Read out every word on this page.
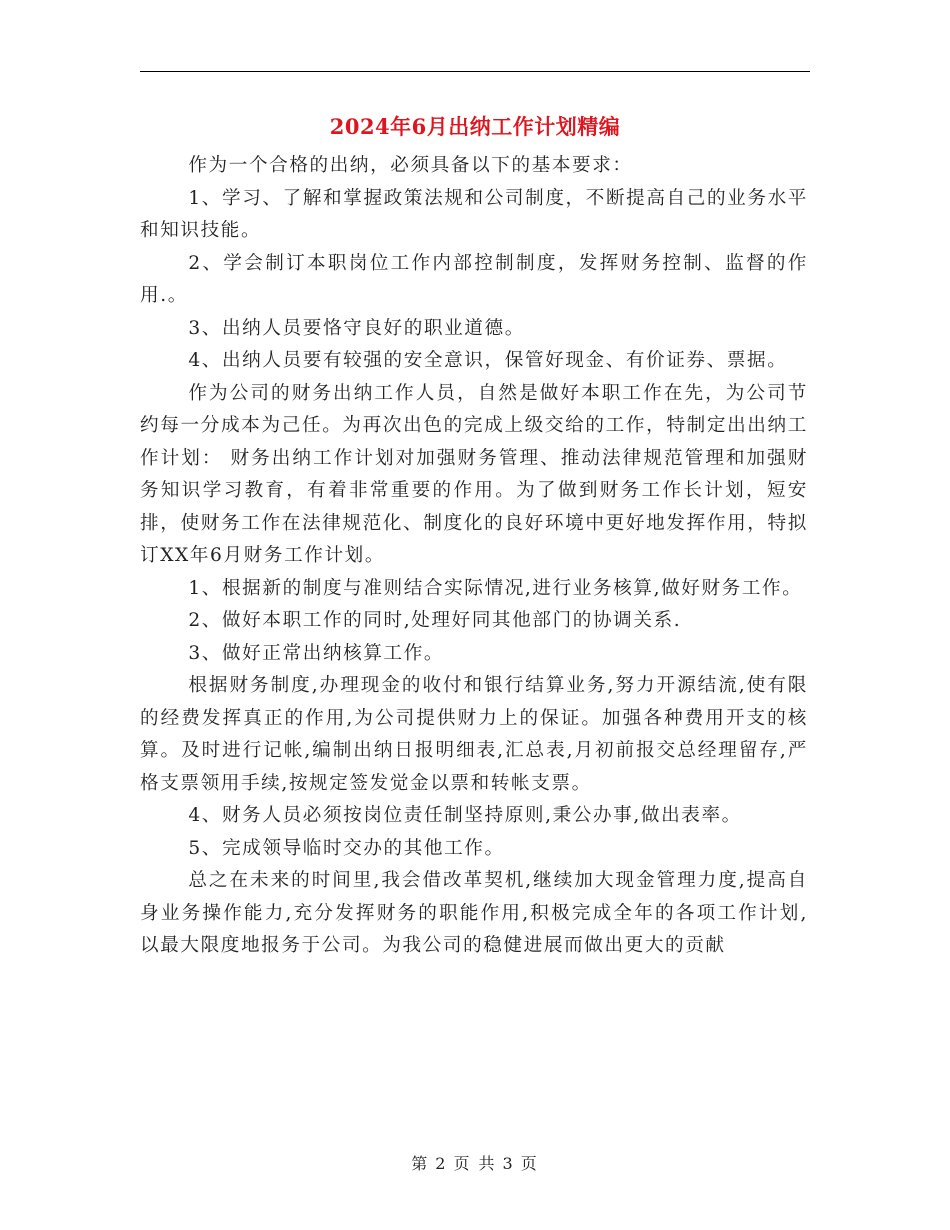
2024年6月出纳工作计划精编

作为一个合格的出纳，必须具备以下的基本要求：

1、学习、了解和掌握政策法规和公司制度，不断提高自己的业务水平和知识技能。

2、学会制订本职岗位工作内部控制制度，发挥财务控制、监督的作用.。

3、出纳人员要恪守良好的职业道德。

4、出纳人员要有较强的安全意识，保管好现金、有价证券、票据。

作为公司的财务出纳工作人员，自然是做好本职工作在先，为公司节约每一分成本为己任。为再次出色的完成上级交给的工作，特制定出出纳工作计划： 财务出纳工作计划对加强财务管理、推动法律规范管理和加强财务知识学习教育，有着非常重要的作用。为了做到财务工作长计划，短安排，使财务工作在法律规范化、制度化的良好环境中更好地发挥作用，特拟订XX年6月财务工作计划。

1、根据新的制度与准则结合实际情况,进行业务核算,做好财务工作。

2、做好本职工作的同时,处理好同其他部门的协调关系.

3、做好正常出纳核算工作。

根据财务制度,办理现金的收付和银行结算业务,努力开源结流,使有限的经费发挥真正的作用,为公司提供财力上的保证。加强各种费用开支的核算。及时进行记帐,编制出纳日报明细表,汇总表,月初前报交总经理留存,严格支票领用手续,按规定签发觉金以票和转帐支票。

4、财务人员必须按岗位责任制坚持原则,秉公办事,做出表率。

5、完成领导临时交办的其他工作。

总之在未来的时间里,我会借改革契机,继续加大现金管理力度,提高自身业务操作能力,充分发挥财务的职能作用,积极完成全年的各项工作计划,以最大限度地报务于公司。为我公司的稳健进展而做出更大的贡献

第 2 页 共 3 页
